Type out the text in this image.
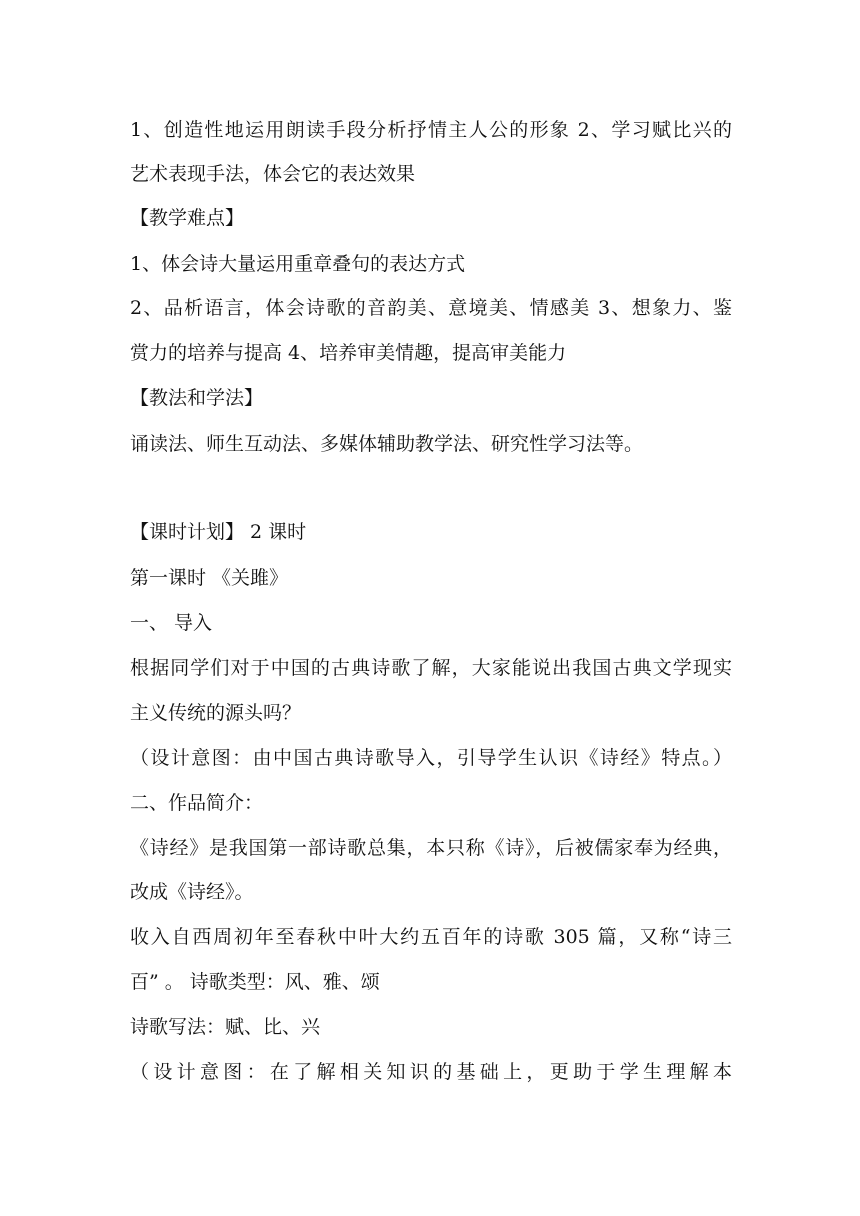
1、创造性地运用朗读手段分析抒情主人公的形象 2、学习赋比兴的
艺术表现手法，体会它的表达效果
【教学难点】
1、体会诗大量运用重章叠句的表达方式
2、品析语言，体会诗歌的音韵美、意境美、情感美 3、想象力、鉴
赏力的培养与提高 4、培养审美情趣，提高审美能力
【教法和学法】
诵读法、师生互动法、多媒体辅助教学法、研究性学习法等。
【课时计划】 2 课时
第一课时 《关雎》
一、 导入
根据同学们对于中国的古典诗歌了解，大家能说出我国古典文学现实
主义传统的源头吗？
（设计意图：由中国古典诗歌导入，引导学生认识《诗经》特点。）
二、作品简介：
《诗经》是我国第一部诗歌总集，本只称《诗》，后被儒家奉为经典，
改成《诗经》。
收入自西周初年至春秋中叶大约五百年的诗歌 305 篇，又称“诗三
百” 。 诗歌类型：风、雅、颂
诗歌写法：赋、比、兴
（设计意图：在了解相关知识的基础上，更助于学生理解本
